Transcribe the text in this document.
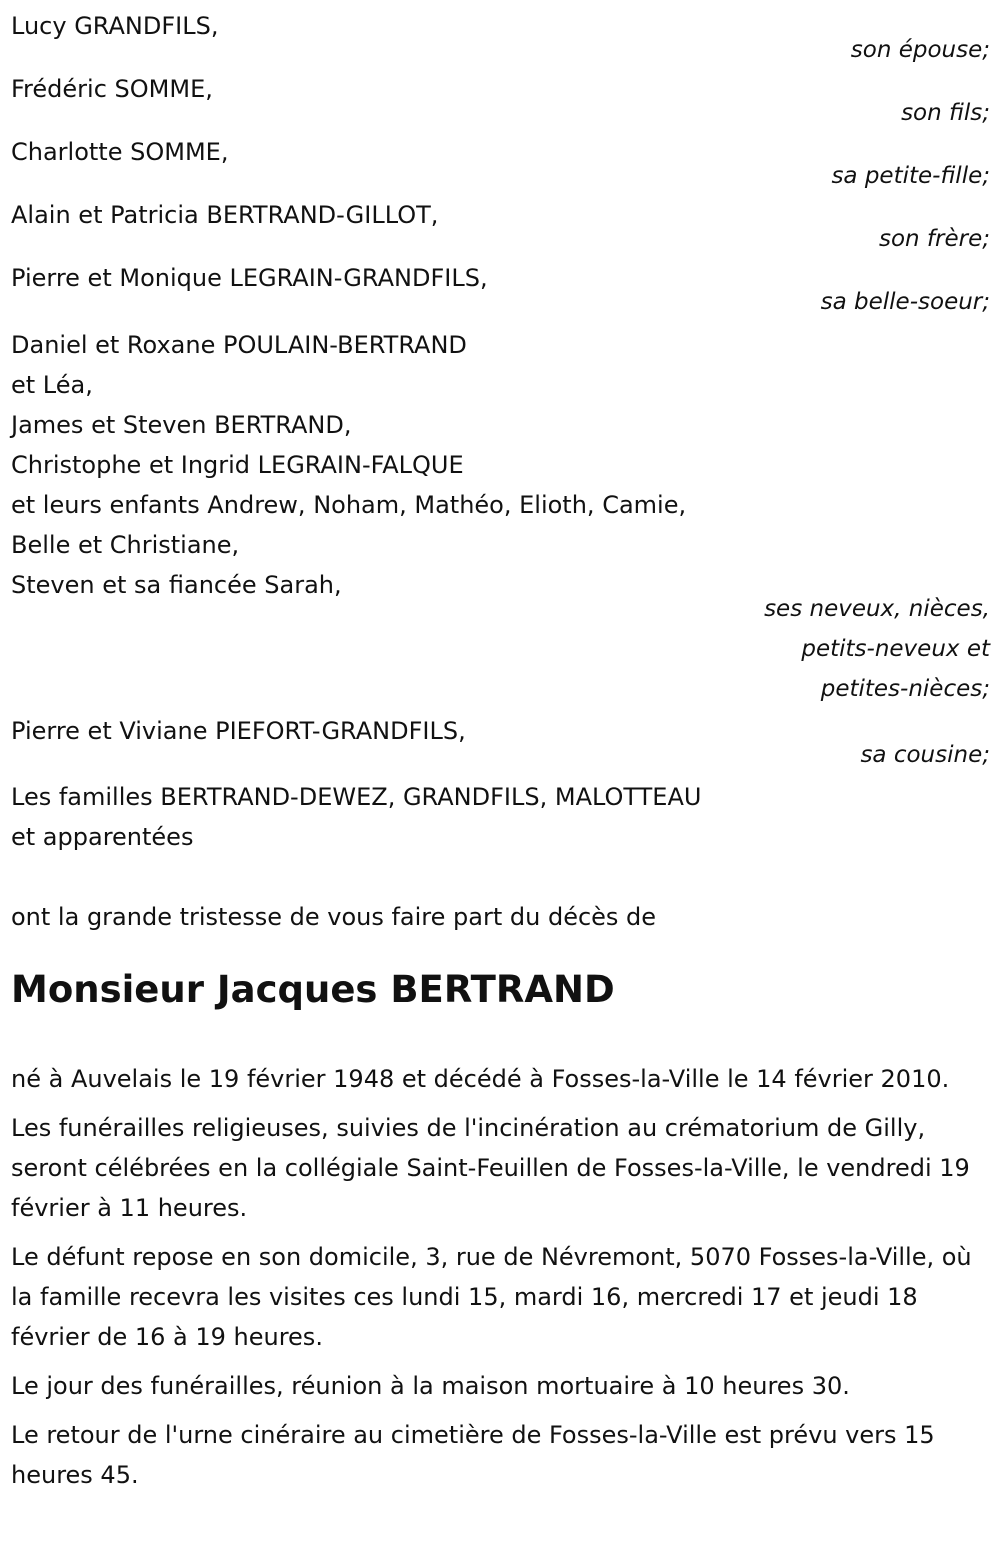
Lucy GRANDFILS,
son épouse;
Frédéric SOMME,
son fils;
Charlotte SOMME,
sa petite-fille;
Alain et Patricia BERTRAND-GILLOT,
son frère;
Pierre et Monique LEGRAIN-GRANDFILS,
sa belle-soeur;
Daniel et Roxane POULAIN-BERTRAND
et Léa,
James et Steven BERTRAND,
Christophe et Ingrid LEGRAIN-FALQUE
et leurs enfants Andrew, Noham, Mathéo, Elioth, Camie,
Belle et Christiane,
Steven et sa fiancée Sarah,
ses neveux, nièces,
petits-neveux et
petites-nièces;
Pierre et Viviane PIEFORT-GRANDFILS,
sa cousine;
Les familles BERTRAND-DEWEZ, GRANDFILS, MALOTTEAU
et apparentées
ont la grande tristesse de vous faire part du décès de
Monsieur Jacques BERTRAND
né à Auvelais le 19 février 1948 et décédé à Fosses-la-Ville le 14 février 2010.
Les funérailles religieuses, suivies de l'incinération au crématorium de Gilly, seront célébrées en la collégiale Saint-Feuillen de Fosses-la-Ville, le vendredi 19 février à 11 heures.
Le défunt repose en son domicile, 3, rue de Névremont, 5070 Fosses-la-Ville, où la famille recevra les visites ces lundi 15, mardi 16, mercredi 17 et jeudi 18 février de 16 à 19 heures.
Le jour des funérailles, réunion à la maison mortuaire à 10 heures 30.
Le retour de l'urne cinéraire au cimetière de Fosses-la-Ville est prévu vers 15 heures 45.
